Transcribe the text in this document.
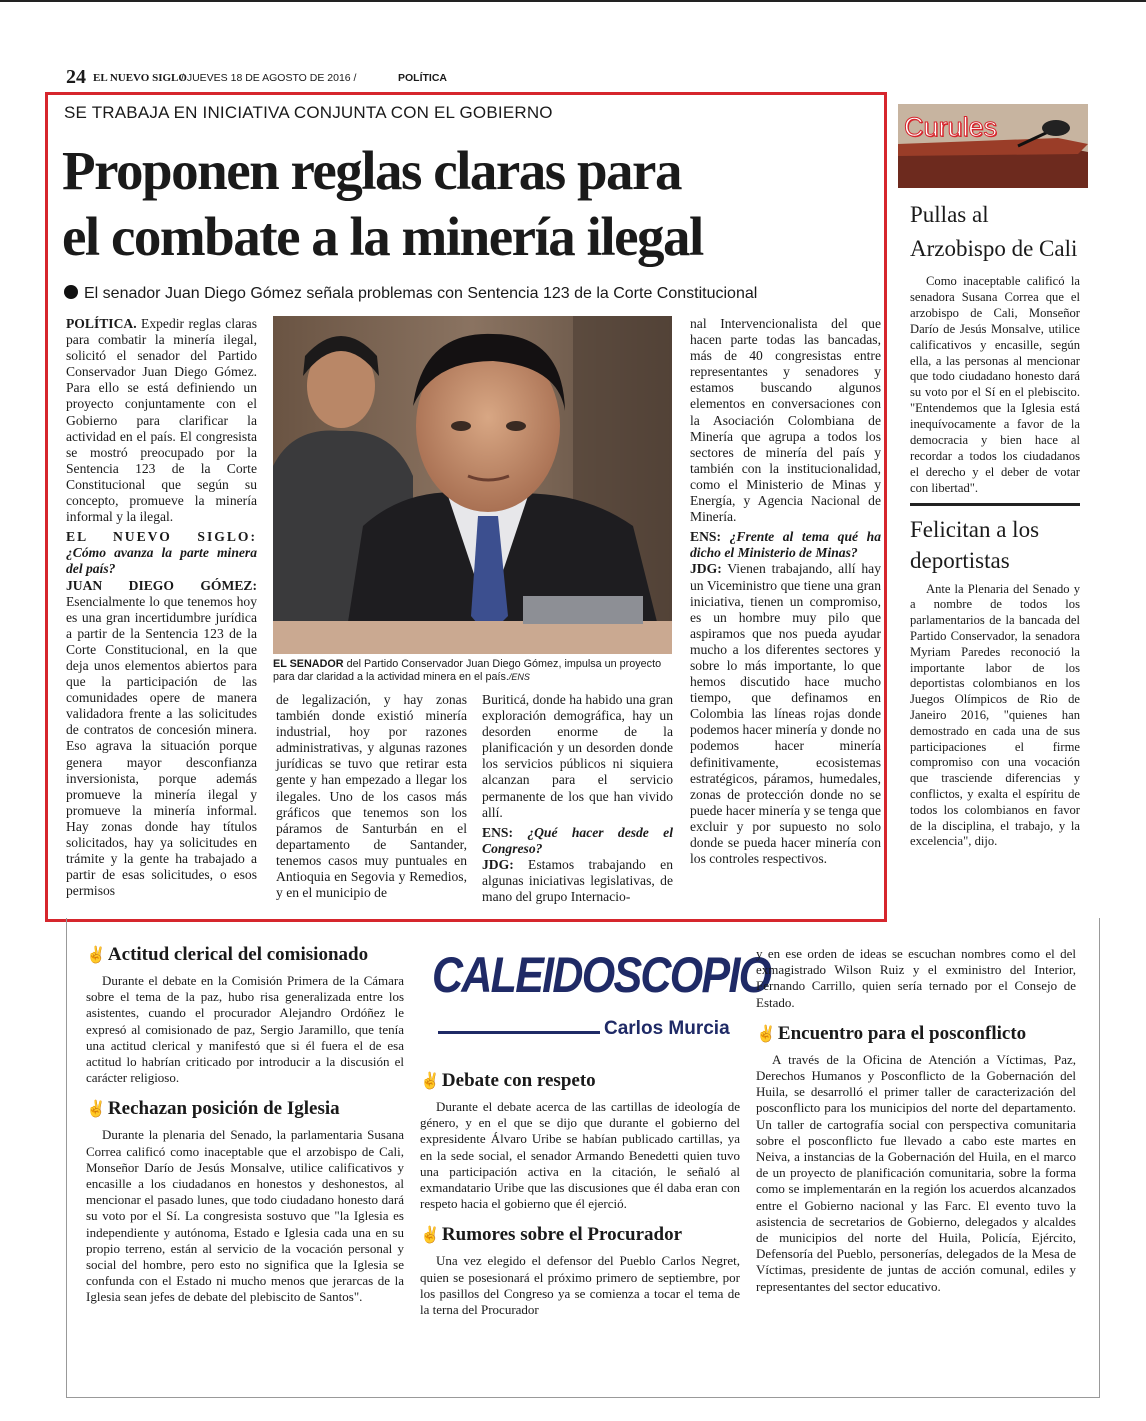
24 EL NUEVO SIGLO
/ JUEVES 18 DE AGOSTO DE 2016 /	POLÍTICA
SE TRABAJA EN INICIATIVA CONJUNTA CON EL GOBIERNO
Proponen reglas claras para
el combate a la minería ilegal
El senador Juan Diego Gómez señala problemas con Sentencia 123 de la Corte Constitucional

POLÍTICA. Expedir reglas claras para combatir la minería ilegal, solicitó el senador del Partido Conservador Juan Diego Gómez. Para ello se está definiendo un proyecto conjuntamente con el Gobierno para clarificar la actividad en el país. El congresista se mostró preocupado por la Sentencia 123 de la Corte Constitucional que según su concepto, promueve la minería informal y la ilegal.

EL NUEVO SIGLO: ¿Cómo avanza la parte minera del país?

JUAN DIEGO GÓMEZ: Esencialmente lo que tenemos hoy es una gran incertidumbre jurídica a partir de la Sentencia 123 de la Corte Constitucional, en la que deja unos elementos abiertos para que la participación de las comunidades opere de manera validadora frente a las solicitudes de contratos de concesión minera. Eso agrava la situación porque genera mayor desconfianza inversionista, porque además promueve la minería ilegal y promueve la minería informal. Hay zonas donde hay títulos solicitados, hay ya solicitudes en trámite y la gente ha trabajado a partir de esas solicitudes, o esos permisos

EL SENADOR del Partido Conservador Juan Diego Gómez, impulsa un proyecto para dar claridad a la actividad minera en el país./ENS

de legalización, y hay zonas también donde existió minería industrial, hoy por razones administrativas, y algunas razones jurídicas se tuvo que retirar esta gente y han empezado a llegar los ilegales. Uno de los casos más gráficos que tenemos son los páramos de Santurbán en el departamento de Santander, tenemos casos muy puntuales en Antioquia en Segovia y Remedios, y en el municipio de

Buriticá, donde ha habido una gran exploración demográfica, hay un desorden enorme de la planificación y un desorden donde los servicios públicos ni siquiera alcanzan para el servicio permanente de los que han vivido allí.

ENS: ¿Qué hacer desde el Congreso?

JDG: Estamos trabajando en algunas iniciativas legislativas, de mano del grupo Internacio-

nal Intervencionalista del que hacen parte todas las bancadas, más de 40 congresistas entre representantes y senadores y estamos buscando algunos elementos en conversaciones con la Asociación Colombiana de Minería que agrupa a todos los sectores de minería del país y también con la institucionalidad, como el Ministerio de Minas y Energía, y Agencia Nacional de Minería.

ENS: ¿Frente al tema qué ha dicho el Ministerio de Minas?

JDG: Vienen trabajando, allí hay un Viceministro que tiene una gran iniciativa, tienen un compromiso, es un hombre muy pilo que aspiramos que nos pueda ayudar mucho a los diferentes sectores y sobre lo más importante, lo que hemos discutido hace mucho tiempo, que definamos en Colombia las líneas rojas donde podemos hacer minería y donde no podemos hacer minería definitivamente, ecosistemas estratégicos, páramos, humedales, zonas de protección donde no se puede hacer minería y se tenga que excluir y por supuesto no solo donde se pueda hacer minería con los controles respectivos.

Curules
Pullas al Arzobispo de Cali

Como inaceptable calificó la senadora Susana Correa que el arzobispo de Cali, Monseñor Darío de Jesús Monsalve, utilice calificativos y encasille, según ella, a las personas al mencionar que todo ciudadano honesto dará su voto por el Sí en el plebiscito. "Entendemos que la Iglesia está inequívocamente a favor de la democracia y bien hace al recordar a todos los ciudadanos el derecho y el deber de votar con libertad".

Felicitan a los deportistas

Ante la Plenaria del Senado y a nombre de todos los parlamentarios de la bancada del Partido Conservador, la senadora Myriam Paredes reconoció la importante labor de los deportistas colombianos en los Juegos Olímpicos de Rio de Janeiro 2016, "quienes han demostrado en cada una de sus participaciones el firme compromiso con una vocación que trasciende diferencias y conflictos, y exalta el espíritu de todos los colombianos en favor de la disciplina, el trabajo, y la excelencia", dijo.

✌ Actitud clerical del comisionado

Durante el debate en la Comisión Primera de la Cámara sobre el tema de la paz, hubo risa generalizada entre los asistentes, cuando el procurador Alejandro Ordóñez le expresó al comisionado de paz, Sergio Jaramillo, que tenía una actitud clerical y manifestó que si él fuera el de esa actitud lo habrían criticado por introducir a la discusión el carácter religioso.

✌ Rechazan posición de Iglesia

Durante la plenaria del Senado, la parlamentaria Susana Correa calificó como inaceptable que el arzobispo de Cali, Monseñor Darío de Jesús Monsalve, utilice calificativos y encasille a los ciudadanos en honestos y deshonestos, al mencionar el pasado lunes, que todo ciudadano honesto dará su voto por el Sí. La congresista sostuvo que "la Iglesia es independiente y autónoma, Estado e Iglesia cada una en su propio terreno, están al servicio de la vocación personal y social del hombre, pero esto no significa que la Iglesia se confunda con el Estado ni mucho menos que jerarcas de la Iglesia sean jefes de debate del plebiscito de Santos".

CALEIDOSCOPIO
Carlos Murcia
✌ Debate con respeto

Durante el debate acerca de las cartillas de ideología de género, y en el que se dijo que durante el gobierno del expresidente Álvaro Uribe se habían publicado cartillas, ya en la sede social, el senador Armando Benedetti quien tuvo una participación activa en la citación, le señaló al exmandatario Uribe que las discusiones que él daba eran con respeto hacia el gobierno que él ejerció.

✌ Rumores sobre el Procurador

Una vez elegido el defensor del Pueblo Carlos Negret, quien se posesionará el próximo primero de septiembre, por los pasillos del Congreso ya se comienza a tocar el tema de la terna del Procurador

y en ese orden de ideas se escuchan nombres como el del exmagistrado Wilson Ruiz y el exministro del Interior, Fernando Carrillo, quien sería ternado por el Consejo de Estado.

✌ Encuentro para el posconflicto

A través de la Oficina de Atención a Víctimas, Paz, Derechos Humanos y Posconflicto de la Gobernación del Huila, se desarrolló el primer taller de caracterización del posconflicto para los municipios del norte del departamento. Un taller de cartografía social con perspectiva comunitaria sobre el posconflicto fue llevado a cabo este martes en Neiva, a instancias de la Gobernación del Huila, en el marco de un proyecto de planificación comunitaria, sobre la forma como se implementarán en la región los acuerdos alcanzados entre el Gobierno nacional y las Farc. El evento tuvo la asistencia de secretarios de Gobierno, delegados y alcaldes de municipios del norte del Huila, Policía, Ejército, Defensoría del Pueblo, personerías, delegados de la Mesa de Víctimas, presidente de juntas de acción comunal, ediles y representantes del sector educativo.
